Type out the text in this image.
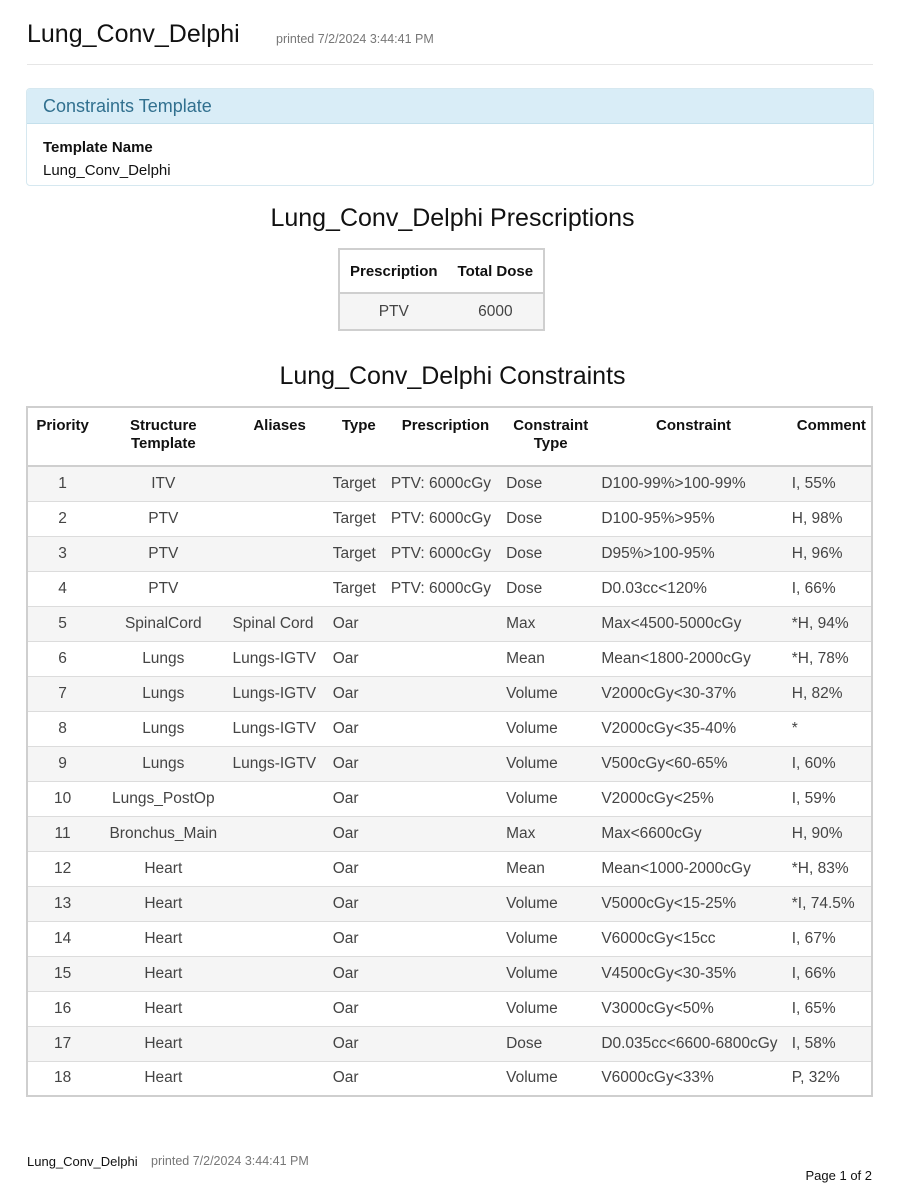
Lung_Conv_Delphi	printed 7/2/2024 3:44:41 PM
Constraints Template
Template Name
Lung_Conv_Delphi
Lung_Conv_Delphi Prescriptions
Prescription	Total Dose
PTV	6000
Lung_Conv_Delphi Constraints
Priority	Structure Template	Aliases	Type	Prescription	Constraint Type	Constraint	Comment
1	ITV		Target	PTV: 6000cGy	Dose	D100-99%>100-99%	I, 55%
2	PTV		Target	PTV: 6000cGy	Dose	D100-95%>95%	H, 98%
3	PTV		Target	PTV: 6000cGy	Dose	D95%>100-95%	H, 96%
4	PTV		Target	PTV: 6000cGy	Dose	D0.03cc<120%	I, 66%
5	SpinalCord	Spinal Cord	Oar		Max	Max<4500-5000cGy	*H, 94%
6	Lungs	Lungs-IGTV	Oar		Mean	Mean<1800-2000cGy	*H, 78%
7	Lungs	Lungs-IGTV	Oar		Volume	V2000cGy<30-37%	H, 82%
8	Lungs	Lungs-IGTV	Oar		Volume	V2000cGy<35-40%	*
9	Lungs	Lungs-IGTV	Oar		Volume	V500cGy<60-65%	I, 60%
10	Lungs_PostOp		Oar		Volume	V2000cGy<25%	I, 59%
11	Bronchus_Main		Oar		Max	Max<6600cGy	H, 90%
12	Heart		Oar		Mean	Mean<1000-2000cGy	*H, 83%
13	Heart		Oar		Volume	V5000cGy<15-25%	*I, 74.5%
14	Heart		Oar		Volume	V6000cGy<15cc	I, 67%
15	Heart		Oar		Volume	V4500cGy<30-35%	I, 66%
16	Heart		Oar		Volume	V3000cGy<50%	I, 65%
17	Heart		Oar		Dose	D0.035cc<6600-6800cGy	I, 58%
18	Heart		Oar		Volume	V6000cGy<33%	P, 32%
Lung_Conv_Delphi printed 7/2/2024 3:44:41 PM
Page 1 of 2
